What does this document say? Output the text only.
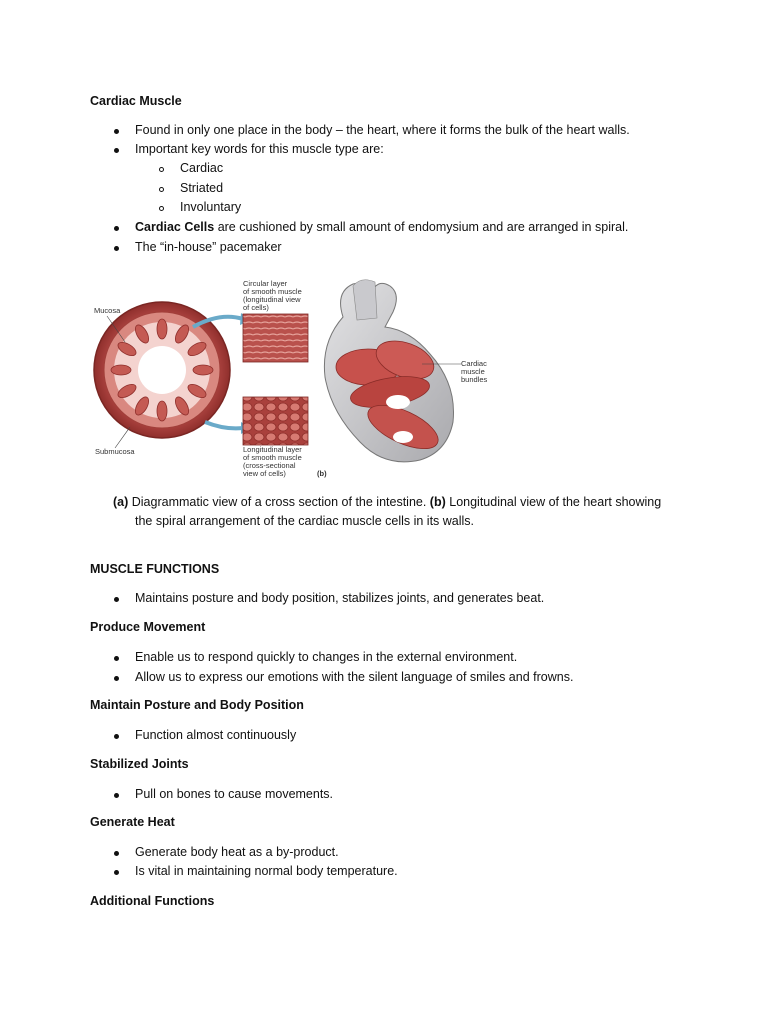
Cardiac Muscle
Found in only one place in the body – the heart, where it forms the bulk of the heart walls.
Important key words for this muscle type are:
Cardiac
Striated
Involuntary
Cardiac Cells are cushioned by small amount of endomysium and are arranged in spiral.
The “in-house” pacemaker
Mucosa
Submucosa
Circular layer
of smooth muscle
(longitudinal view
of cells)
Longitudinal layer
of smooth muscle
(cross-sectional
view of cells)	(b)
Cardiac
muscle
bundles
(a) Diagrammatic view of a cross section of the intestine. (b) Longitudinal view of the heart showing
the spiral arrangement of the cardiac muscle cells in its walls.
MUSCLE FUNCTIONS
Maintains posture and body position, stabilizes joints, and generates beat.
Produce Movement
Enable us to respond quickly to changes in the external environment.
Allow us to express our emotions with the silent language of smiles and frowns.
Maintain Posture and Body Position
Function almost continuously
Stabilized Joints
Pull on bones to cause movements.
Generate Heat
Generate body heat as a by-product.
Is vital in maintaining normal body temperature.
Additional Functions
